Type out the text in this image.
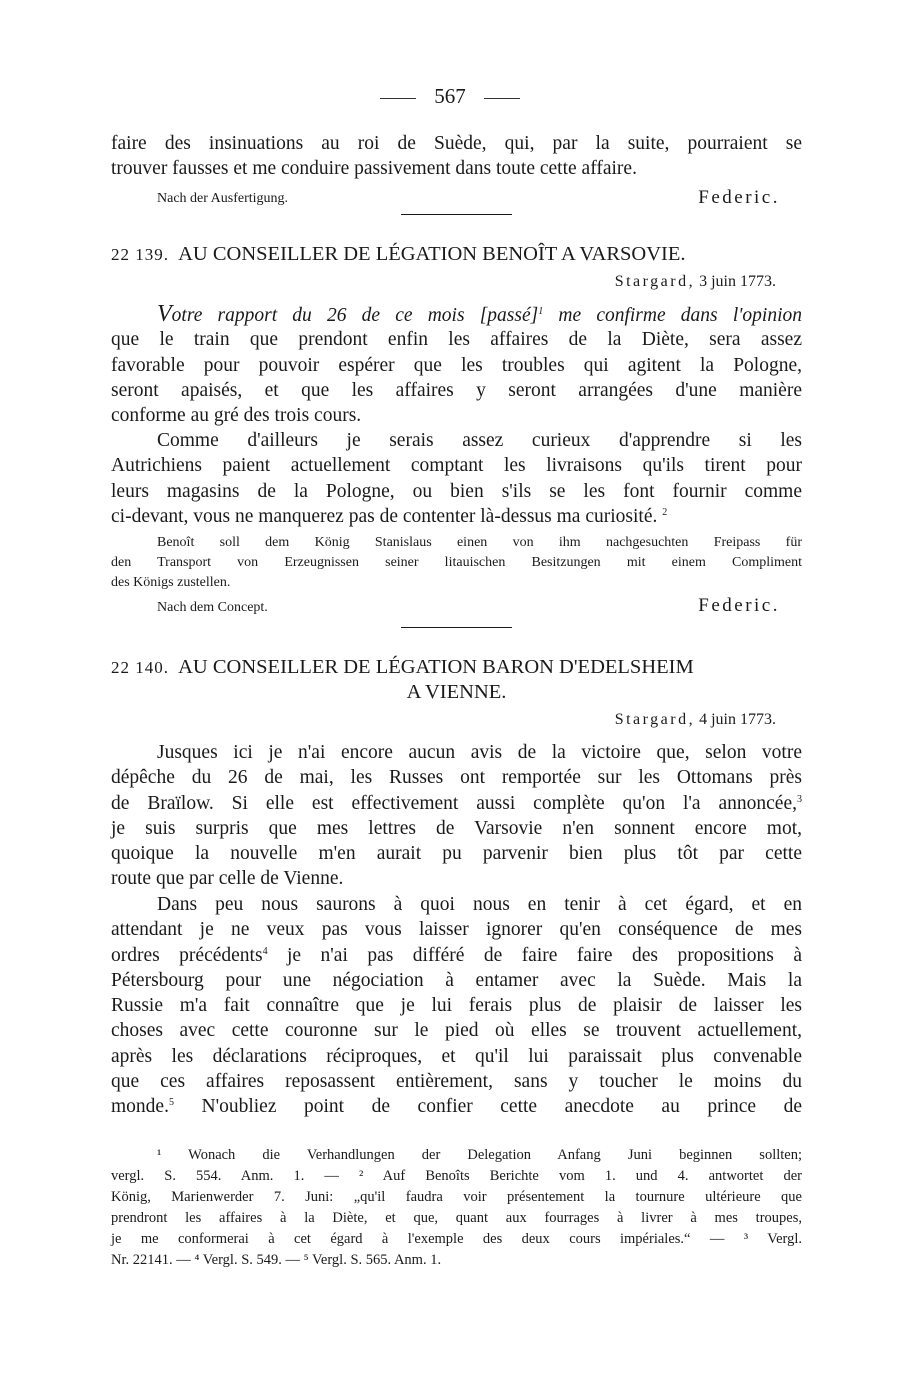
567
faire des insinuations au roi de Suède, qui, par la suite, pourraient se
trouver fausses et me conduire passivement dans toute cette affaire.
Nach der Ausfertigung.	Federic.
22 139. AU CONSEILLER DE LÉGATION BENOÎT A VARSOVIE.
Stargard, 3 juin 1773.
Votre rapport du 26 de ce mois [passé]$^1$ me confirme dans l'opinion
que le train que prendont enfin les affaires de la Diète, sera assez
favorable pour pouvoir espérer que les troubles qui agitent la Pologne,
seront apaisés, et que les affaires y seront arrangées d'une manière
conforme au gré des trois cours.
Comme d'ailleurs je serais assez curieux d'apprendre si les
Autrichiens paient actuellement comptant les livraisons qu'ils tirent pour
leurs magasins de la Pologne, ou bien s'ils se les font fournir comme
ci-devant, vous ne manquerez pas de contenter là-dessus ma curiosité. $^2$
Benoît soll dem König Stanislaus einen von ihm nachgesuchten Freipass für
den Transport von Erzeugnissen seiner litauischen Besitzungen mit einem Compliment
des Königs zustellen.
Nach dem Concept.	Federic.
22 140. AU CONSEILLER DE LÉGATION BARON D'EDELSHEIM
A VIENNE.
Stargard, 4 juin 1773.
Jusques ici je n'ai encore aucun avis de la victoire que, selon votre
dépêche du 26 de mai, les Russes ont remportée sur les Ottomans près
de Braïlow. Si elle est effectivement aussi complète qu'on l'a annoncée,$^3$
je suis surpris que mes lettres de Varsovie n'en sonnent encore mot,
quoique la nouvelle m'en aurait pu parvenir bien plus tôt par cette
route que par celle de Vienne.
Dans peu nous saurons à quoi nous en tenir à cet égard, et en
attendant je ne veux pas vous laisser ignorer qu'en conséquence de mes
ordres précédents$^4$ je n'ai pas différé de faire faire des propositions à
Pétersbourg pour une négociation à entamer avec la Suède. Mais la
Russie m'a fait connaître que je lui ferais plus de plaisir de laisser les
choses avec cette couronne sur le pied où elles se trouvent actuellement,
après les déclarations réciproques, et qu'il lui paraissait plus convenable
que ces affaires reposassent entièrement, sans y toucher le moins du
monde.$^5$ N'oubliez point de confier cette anecdote au prince de
¹ Wonach die Verhandlungen der Delegation Anfang Juni beginnen sollten;
vergl. S. 554. Anm. 1. — ² Auf Benoîts Berichte vom 1. und 4. antwortet der
König, Marienwerder 7. Juni: „qu'il faudra voir présentement la tournure ultérieure que
prendront les affaires à la Diète, et que, quant aux fourrages à livrer à mes troupes,
je me conformerai à cet égard à l'exemple des deux cours impériales.“ — ³ Vergl.
Nr. 22141. — ⁴ Vergl. S. 549. — ⁵ Vergl. S. 565. Anm. 1.
